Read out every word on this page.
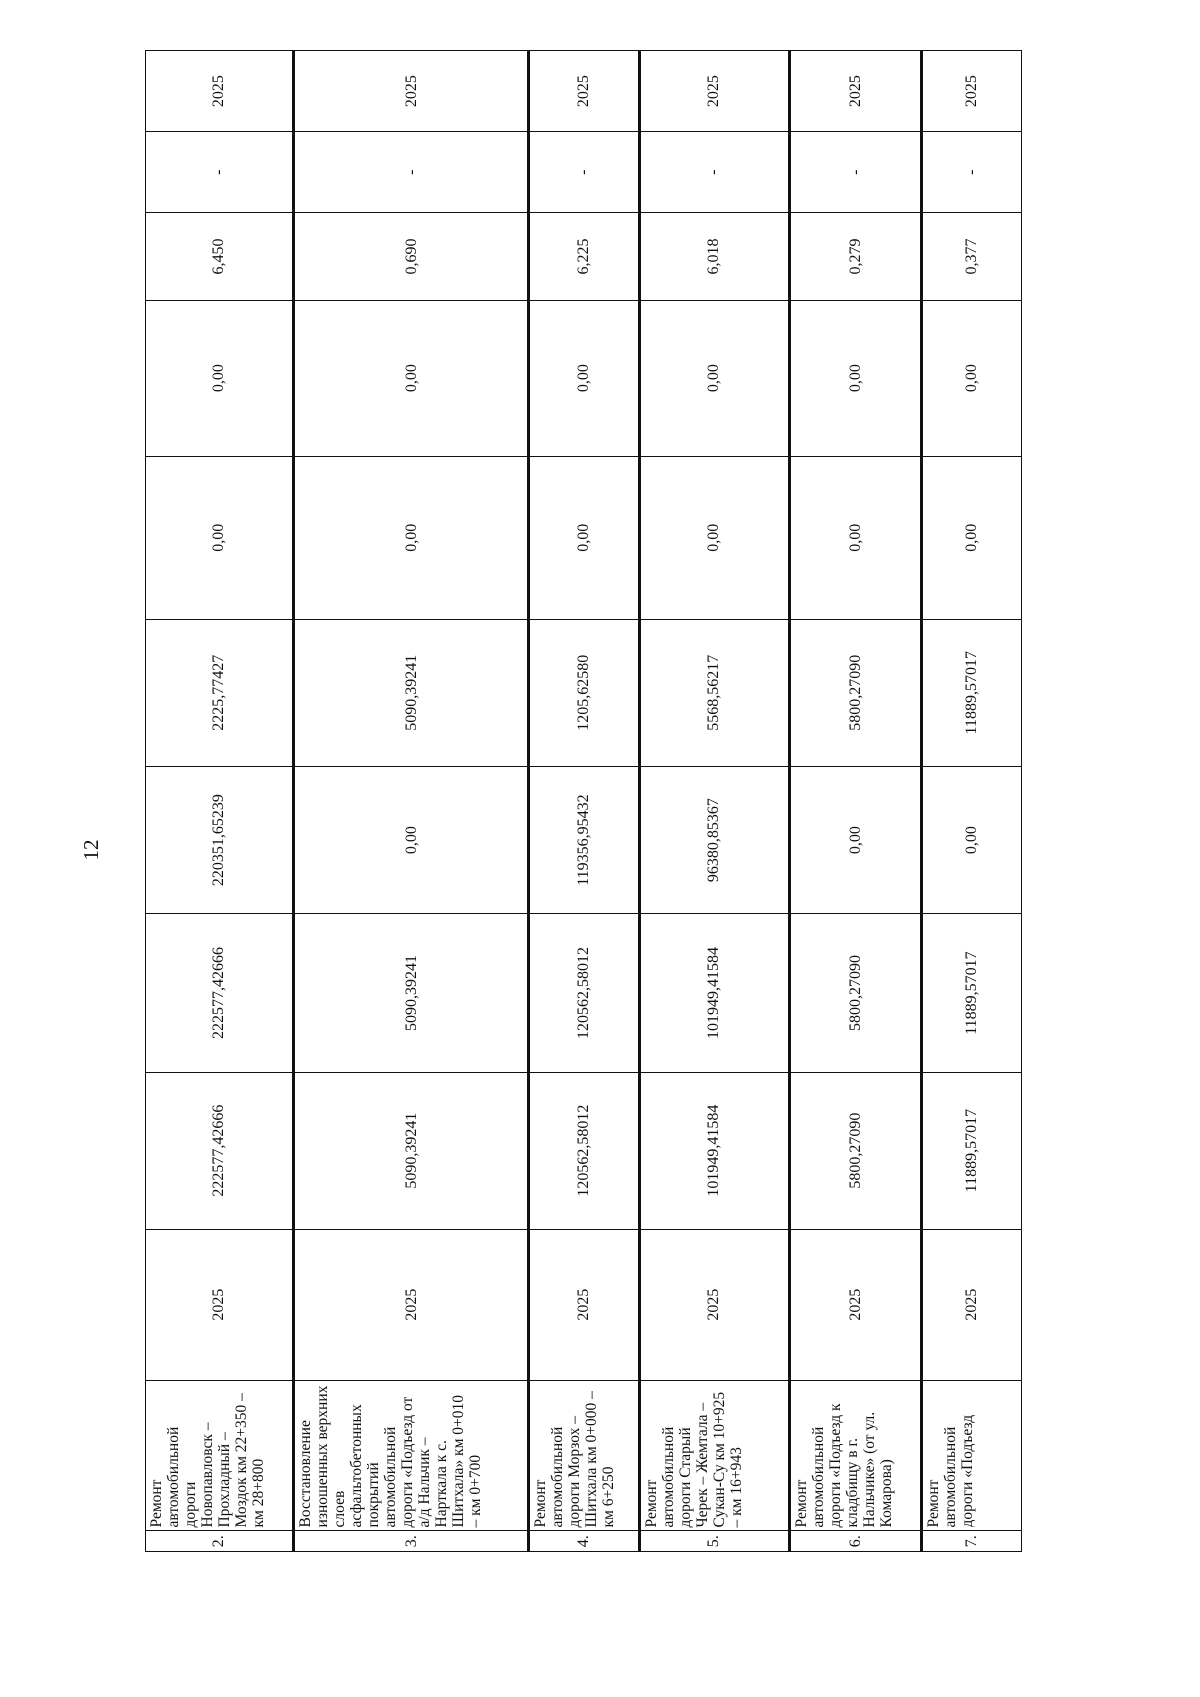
12
2.	Ремонт автомобильной дороги Новопавловск – Прохладный – Моздок км 22+350 – км 28+800	2025	222577,42666	222577,42666	220351,65239	2225,77427	0,00	0,00	6,450	-	2025
3.	Восстановление изношенных верхних слоев асфальтобетонных покрытий автомобильной дороги «Подъезд от а/д Нальчик – Нарткала к с. Шитхала» км 0+010 – км 0+700	2025	5090,39241	5090,39241	0,00	5090,39241	0,00	0,00	0,690	-	2025
4.	Ремонт автомобильной дороги Морзох – Шитхала км 0+000 – км 6+250	2025	120562,58012	120562,58012	119356,95432	1205,62580	0,00	0,00	6,225	-	2025
5.	Ремонт автомобильной дороги Старый Черек – Жемтала – Сукан-Су км 10+925 – км 16+943	2025	101949,41584	101949,41584	96380,85367	5568,56217	0,00	0,00	6,018	-	2025
6.	Ремонт автомобильной дороги «Подъезд к кладбищу в г. Нальчике» (от ул. Комарова)	2025	5800,27090	5800,27090	0,00	5800,27090	0,00	0,00	0,279	-	2025
7.	Ремонт автомобильной дороги «Подъезд	2025	11889,57017	11889,57017	0,00	11889,57017	0,00	0,00	0,377	-	2025
